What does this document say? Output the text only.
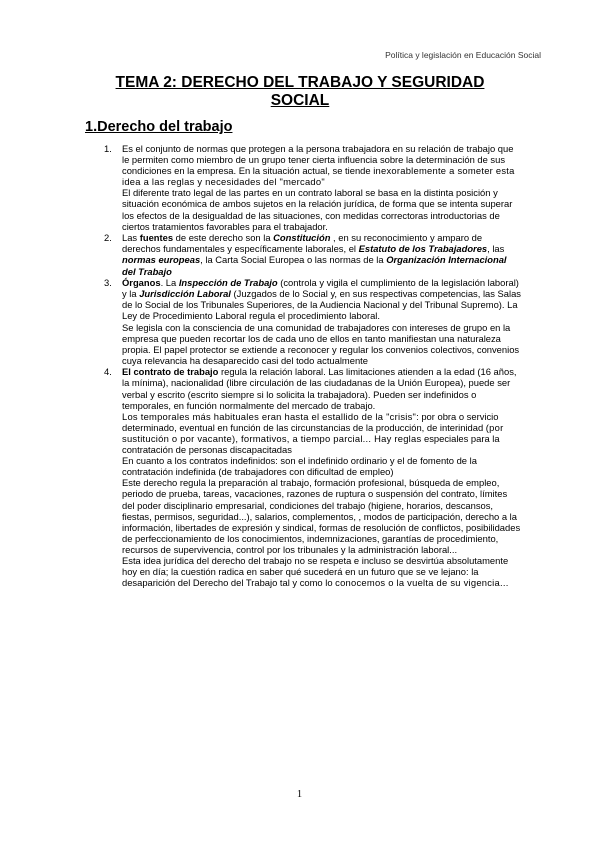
Política y legislación en Educación Social
TEMA 2: DERECHO DEL TRABAJO Y SEGURIDAD
SOCIAL
1.Derecho del trabajo
1. Es el conjunto de normas que protegen a la persona trabajadora en su relación de trabajo que le permiten como miembro de un grupo tener cierta influencia sobre la determinación de sus condiciones en la empresa. En la situación actual, se tiende inexorablemente a someter esta idea a las reglas y necesidades del "mercado"
El diferente trato legal de las partes en un contrato laboral se basa en la distinta posición y situación económica de ambos sujetos en la relación jurídica, de forma que se intenta superar los efectos de la desigualdad de las situaciones, con medidas correctoras introductorias de ciertos tratamientos favorables para el trabajador.
2. Las fuentes de este derecho son la Constitución , en su reconocimiento y amparo de derechos fundamentales y específicamente laborales, el Estatuto de los Trabajadores, las normas europeas, la Carta Social Europea o las normas de la Organización Internacional del Trabajo
3. Órganos. La Inspección de Trabajo (controla y vigila el cumplimiento de la legislación laboral) y la Jurisdicción Laboral (Juzgados de lo Social y, en sus respectivas competencias, las Salas de lo Social de los Tribunales Superiores, de la Audiencia Nacional y del Tribunal Supremo). La Ley de Procedimiento Laboral regula el procedimiento laboral.
Se legisla con la consciencia de una comunidad de trabajadores con intereses de grupo en la empresa que pueden recortar los de cada uno de ellos en tanto manifiestan una naturaleza propia. El papel protector se extiende a reconocer y regular los convenios colectivos, convenios cuya relevancia ha desaparecido casi del todo actualmente
4. El contrato de trabajo regula la relación laboral. Las limitaciones atienden a la edad (16 años, la mínima), nacionalidad (libre circulación de las ciudadanas de la Unión Europea), puede ser verbal y escrito (escrito siempre si lo solicita la trabajadora). Pueden ser indefinidos o temporales, en función normalmente del mercado de trabajo.
Los temporales más habituales eran hasta el estallido de la "crisis": por obra o servicio determinado, eventual en función de las circunstancias de la producción, de interinidad (por sustitución o por vacante), formativos, a tiempo parcial... Hay reglas especiales para la contratación de personas discapacitadas
En cuanto a los contratos indefinidos: son el indefinido ordinario y el de fomento de la contratación indefinida (de trabajadores con dificultad de empleo)
Este derecho regula la preparación al trabajo, formación profesional, búsqueda de empleo, periodo de prueba, tareas, vacaciones, razones de ruptura o suspensión del contrato, límites del poder disciplinario empresarial, condiciones del trabajo (higiene, horarios, descansos, fiestas, permisos, seguridad...), salarios, complementos, , modos de participación, derecho a la información, libertades de expresión y sindical, formas de resolución de conflictos, posibilidades de perfeccionamiento de los conocimientos, indemnizaciones, garantías de procedimiento, recursos de supervivencia, control por los tribunales y la administración laboral...
Esta idea jurídica del derecho del trabajo no se respeta e incluso se desvirtúa absolutamente hoy en día; la cuestión radica en saber qué sucederá en un futuro que se ve lejano: la desaparición del Derecho del Trabajo tal y como lo conocemos o la vuelta de su vigencia...
1
